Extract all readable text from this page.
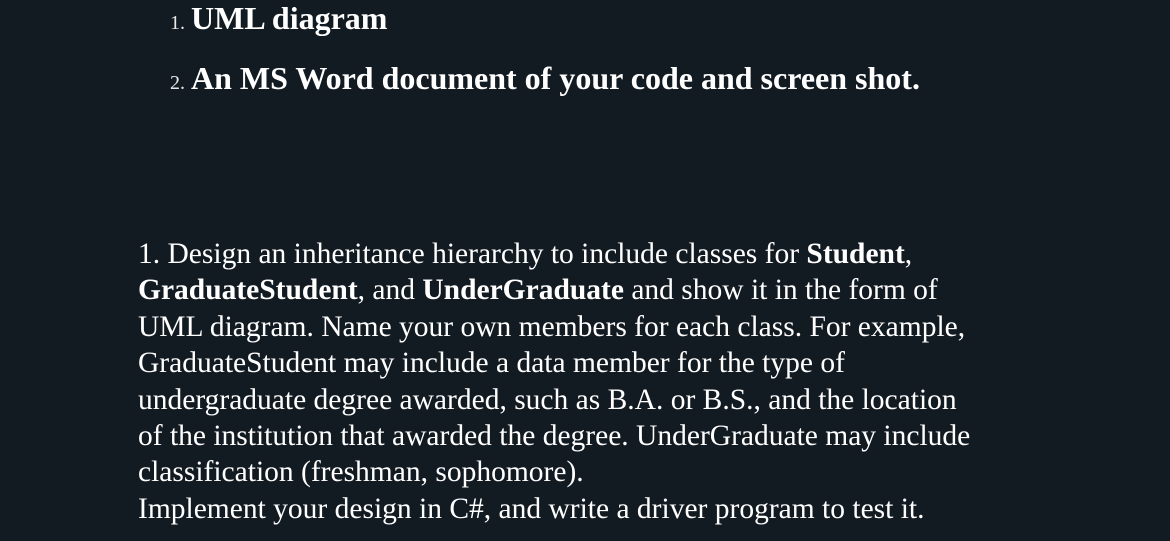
1. UML diagram
2. An MS Word document of your code and screen shot.
1. Design an inheritance hierarchy to include classes for Student,
GraduateStudent, and UnderGraduate and show it in the form of
UML diagram. Name your own members for each class. For example,
GraduateStudent may include a data member for the type of
undergraduate degree awarded, such as B.A. or B.S., and the location
of the institution that awarded the degree. UnderGraduate may include
classification (freshman, sophomore).
Implement your design in C#, and write a driver program to test it.
